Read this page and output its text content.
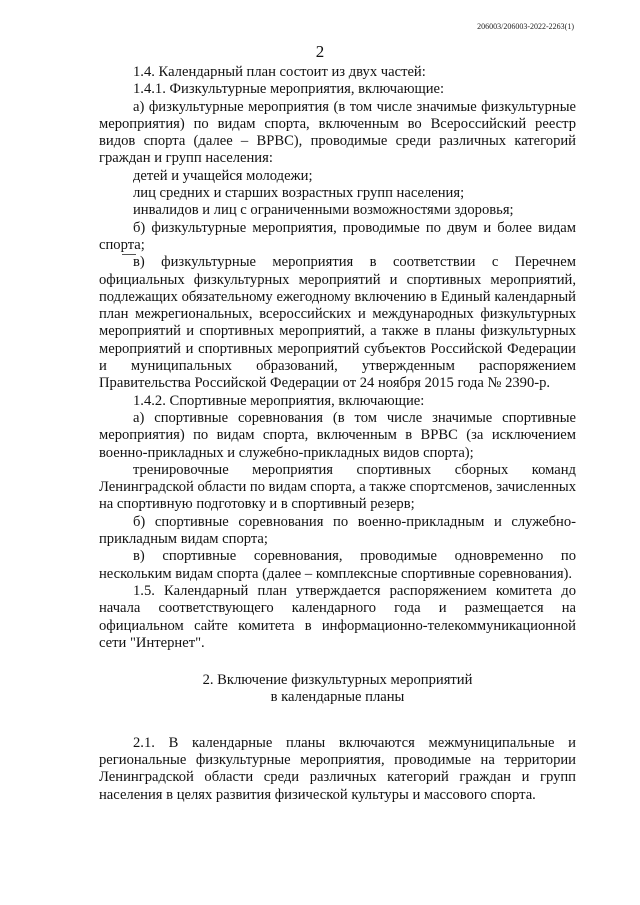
206003/206003-2022-2263(1)
2

1.4. Календарный план состоит из двух частей:

1.4.1. Физкультурные мероприятия, включающие:

а) физкультурные мероприятия (в том числе значимые физкультурные мероприятия) по видам спорта, включенным во Всероссийский реестр видов спорта (далее – ВРВС), проводимые среди различных категорий граждан и групп населения:

детей и учащейся молодежи;

лиц средних и старших возрастных групп населения;

инвалидов и лиц с ограниченными возможностями здоровья;

б) физкультурные мероприятия, проводимые по двум и более видам спорта;

в) физкультурные мероприятия в соответствии с Перечнем официальных физкультурных мероприятий и спортивных мероприятий, подлежащих обязательному ежегодному включению в Единый календарный план межрегиональных, всероссийских и международных физкультурных мероприятий и спортивных мероприятий, а также в планы физкультурных мероприятий и спортивных мероприятий субъектов Российской Федерации и муниципальных образований, утвержденным распоряжением Правительства Российской Федерации от 24 ноября 2015 года № 2390-р.

1.4.2. Спортивные мероприятия, включающие:

а) спортивные соревнования (в том числе значимые спортивные мероприятия) по видам спорта, включенным в ВРВС (за исключением военно-прикладных и служебно-прикладных видов спорта);

тренировочные мероприятия спортивных сборных команд Ленинградской области по видам спорта, а также спортсменов, зачисленных на спортивную подготовку и в спортивный резерв;

б) спортивные соревнования по военно-прикладным и служебно-прикладным видам спорта;

в) спортивные соревнования, проводимые одновременно по нескольким видам спорта (далее – комплексные спортивные соревнования).

1.5. Календарный план утверждается распоряжением комитета до начала соответствующего календарного года и размещается на официальном сайте комитета в информационно-телекоммуникационной сети "Интернет".

2. Включение физкультурных мероприятий
в календарные планы

2.1. В календарные планы включаются межмуниципальные и региональные физкультурные мероприятия, проводимые на территории Ленинградской области среди различных категорий граждан и групп населения в целях развития физической культуры и массового спорта.
